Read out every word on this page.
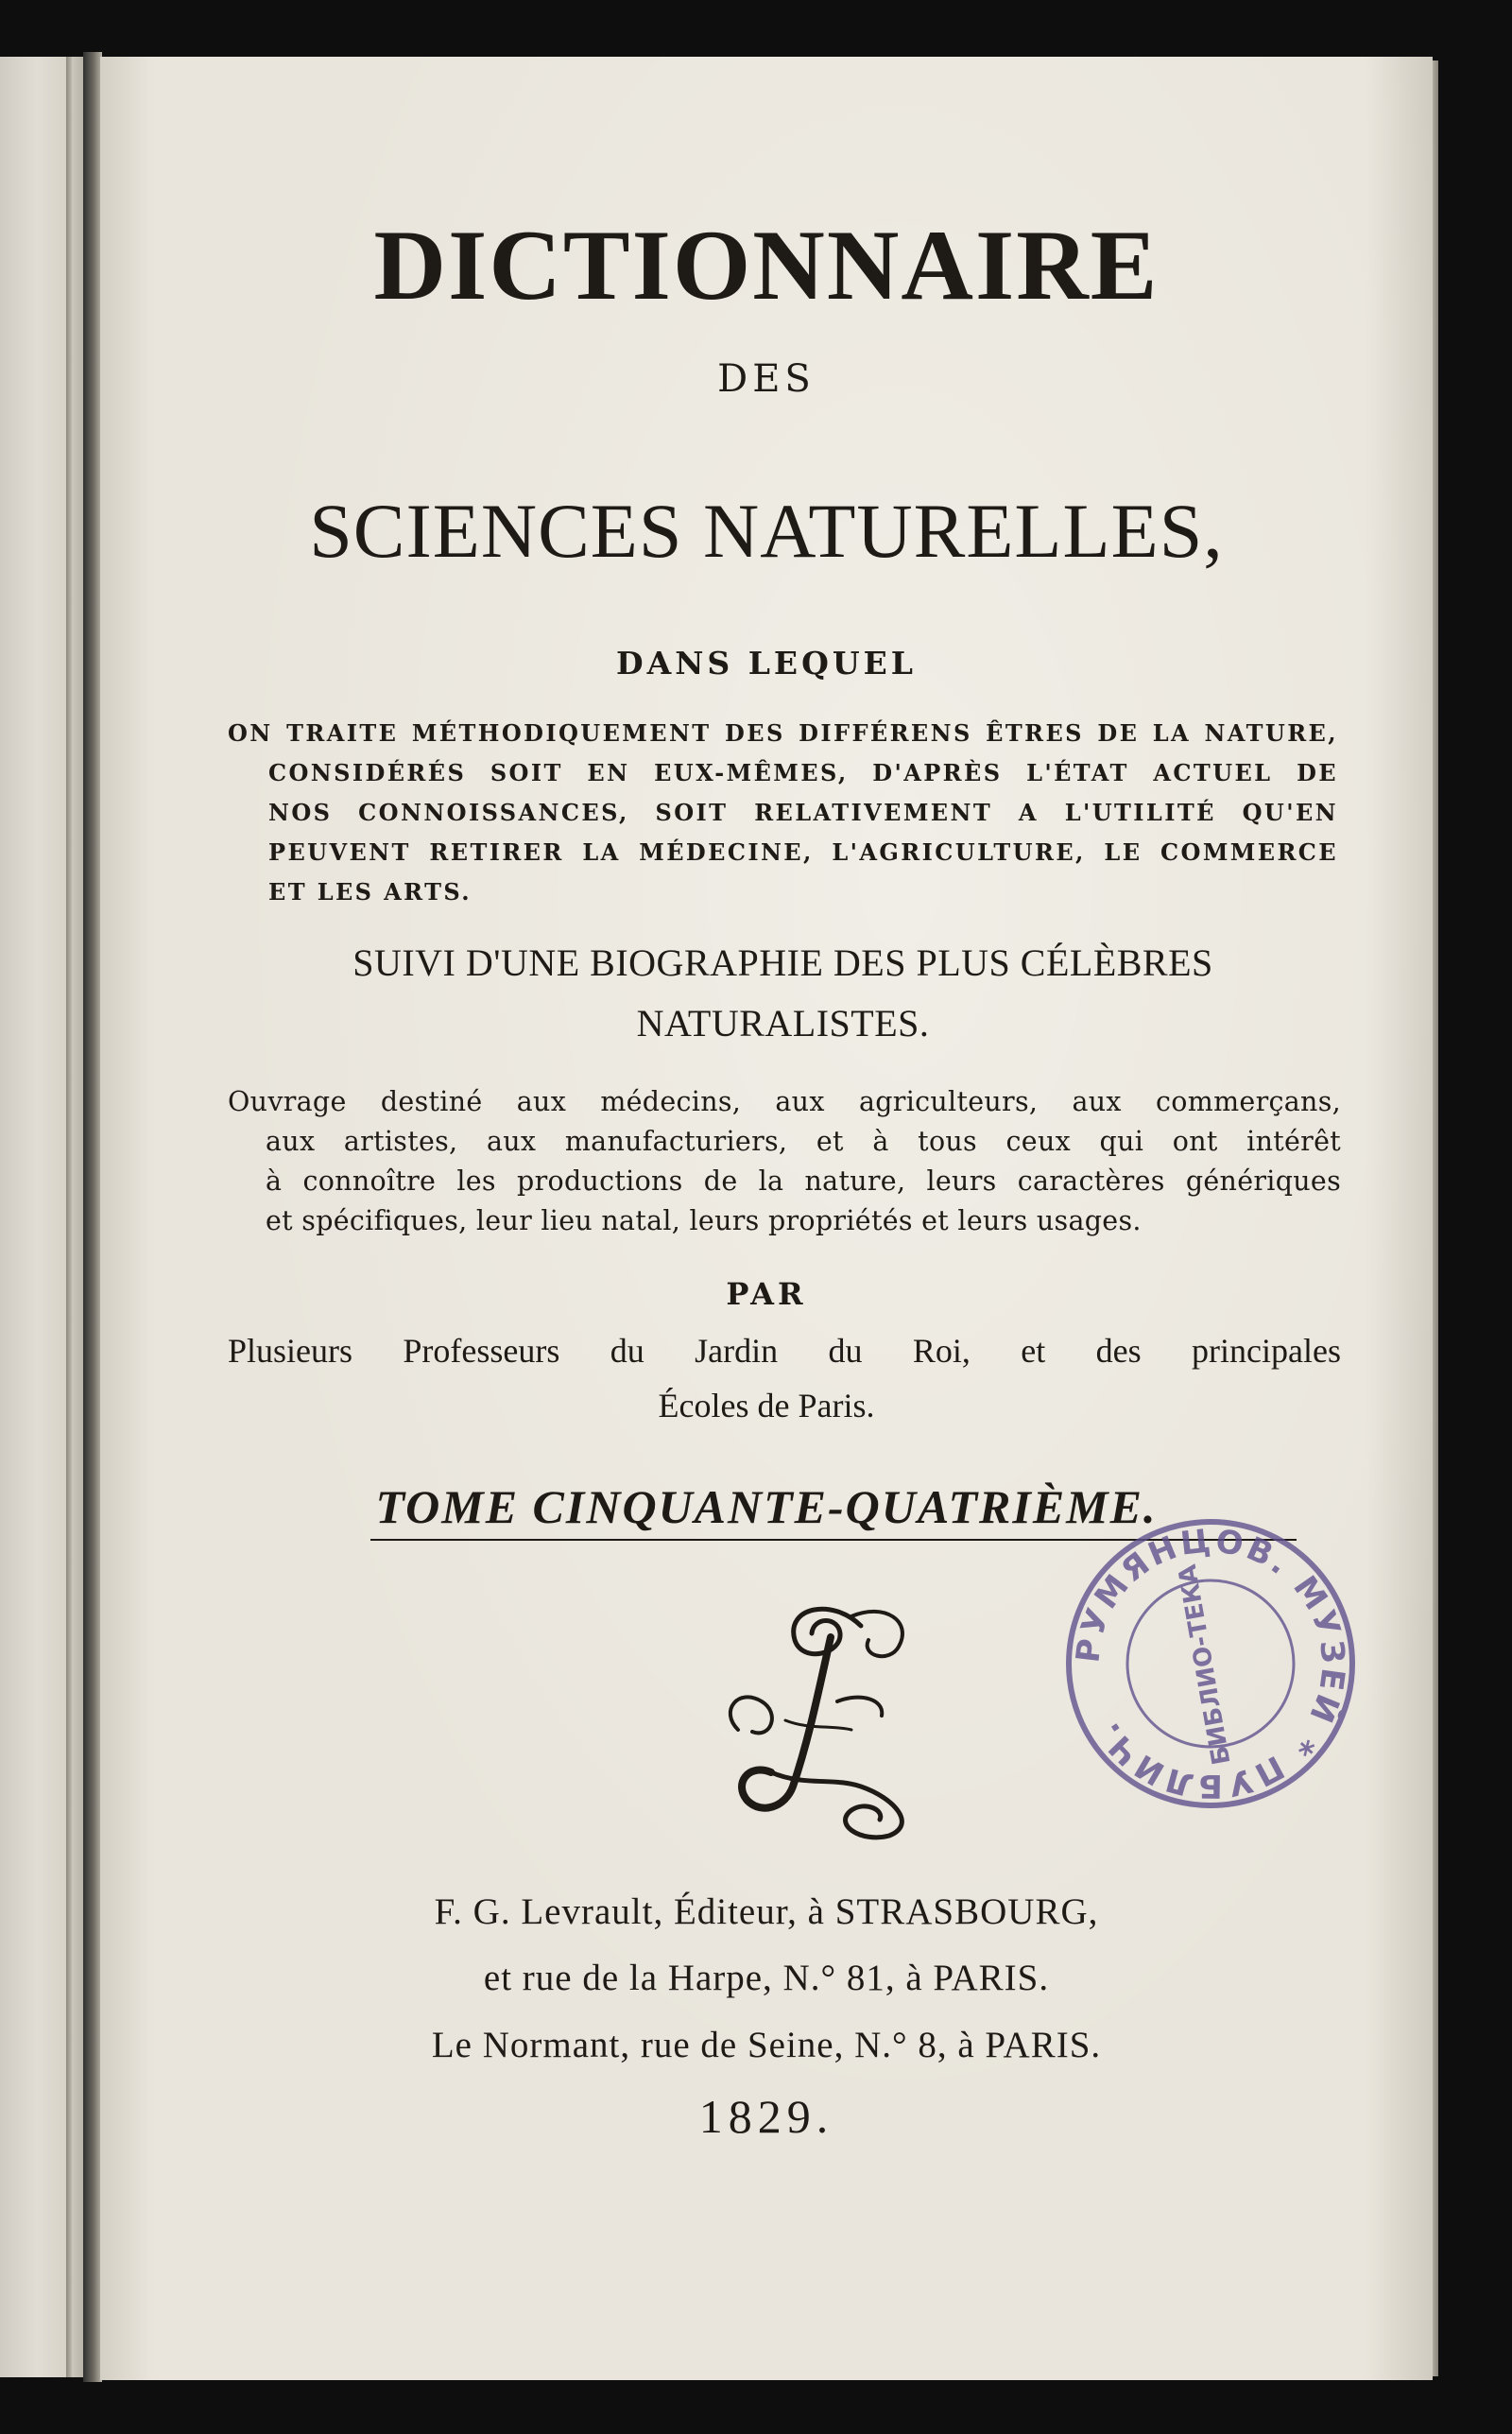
DICTIONNAIRE
DES
SCIENCES NATURELLES,
DANS LEQUEL
ON TRAITE MÉTHODIQUEMENT DES DIFFÉRENS ÊTRES DE LA NATURE,
CONSIDÉRÉS SOIT EN EUX-MÊMES, D'APRÈS L'ÉTAT ACTUEL DE
NOS CONNOISSANCES, SOIT RELATIVEMENT A L'UTILITÉ QU'EN
PEUVENT RETIRER LA MÉDECINE, L'AGRICULTURE, LE COMMERCE
ET LES ARTS.
SUIVI D'UNE BIOGRAPHIE DES PLUS CÉLÈBRES
NATURALISTES.
Ouvrage destiné aux médecins, aux agriculteurs, aux commerçans,
aux artistes, aux manufacturiers, et à tous ceux qui ont intérêt
à connoître les productions de la nature, leurs caractères génériques
et spécifiques, leur lieu natal, leurs propriétés et leurs usages.
PAR
Plusieurs Professeurs du Jardin du Roi, et des principales
Écoles de Paris.
TOME CINQUANTE-QUATRIÈME.
РУМЯНЦОВ. МУЗЕЙ * ПУБЛИЧ.	БИБЛИО-ТЕКА
F. G. Levrault, Éditeur, à STRASBOURG,
et rue de la Harpe, N.° 81, à PARIS.
Le Normant, rue de Seine, N.° 8, à PARIS.
1829.
